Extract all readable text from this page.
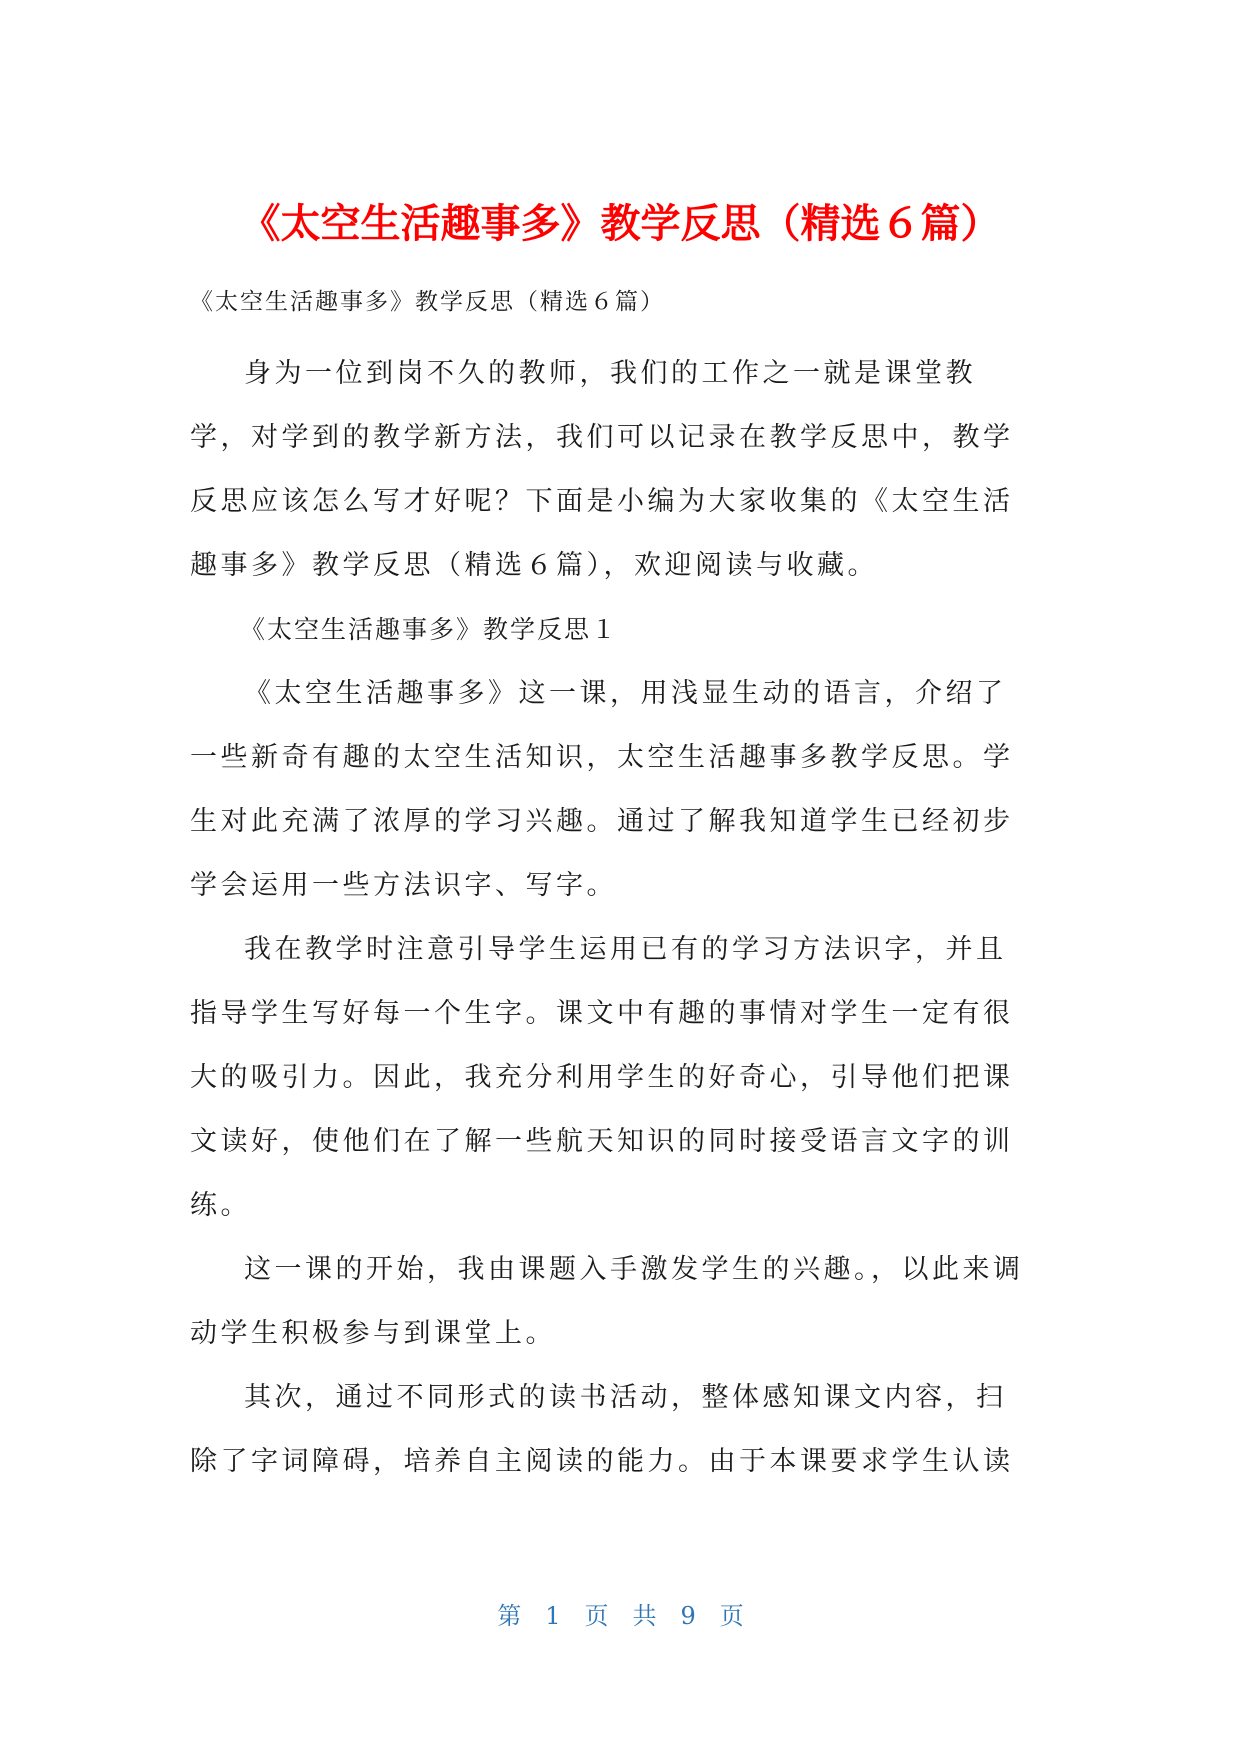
《太空生活趣事多》教学反思（精选６篇）
《太空生活趣事多》教学反思（精选６篇）

身为一位到岗不久的教师，我们的工作之一就是课堂教学，对学到的教学新方法，我们可以记录在教学反思中，教学反思应该怎么写才好呢？下面是小编为大家收集的《太空生活趣事多》教学反思（精选６篇），欢迎阅读与收藏。

《太空生活趣事多》教学反思１

《太空生活趣事多》这一课，用浅显生动的语言，介绍了一些新奇有趣的太空生活知识，太空生活趣事多教学反思。学生对此充满了浓厚的学习兴趣。通过了解我知道学生已经初步学会运用一些方法识字、写字。

我在教学时注意引导学生运用已有的学习方法识字，并且指导学生写好每一个生字。课文中有趣的事情对学生一定有很大的吸引力。因此，我充分利用学生的好奇心，引导他们把课文读好，使他们在了解一些航天知识的同时接受语言文字的训练。

这一课的开始，我由课题入手激发学生的兴趣。，以此来调动学生积极参与到课堂上。

其次，通过不同形式的读书活动，整体感知课文内容，扫除了字词障碍，培养自主阅读的能力。由于本课要求学生认读

第　1　页　共　9　页
